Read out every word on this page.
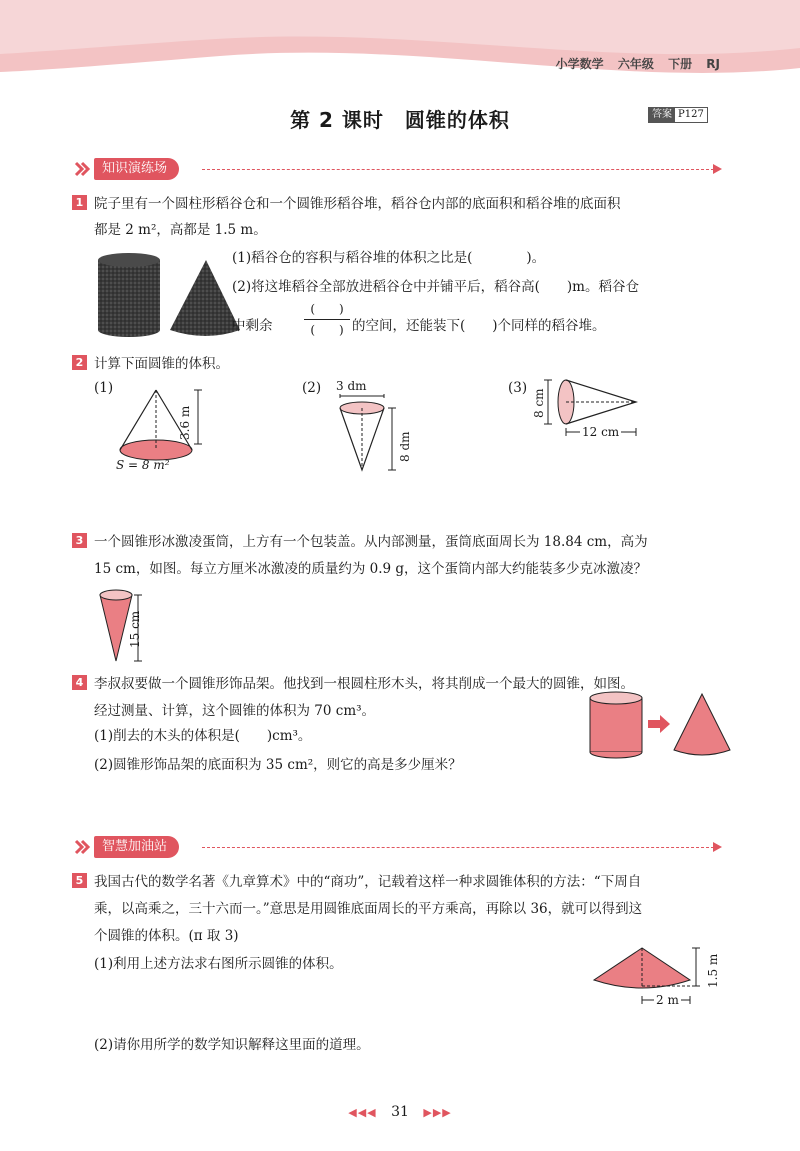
小学数学 六年级 下册 RJ
第 2 课时　圆锥的体积	答案 P127
知识演练场
1 院子里有一个圆柱形稻谷仓和一个圆锥形稻谷堆，稻谷仓内部的底面积和稻谷堆的底面积
都是 2 m²，高都是 1.5 m。
(1)稻谷仓的容积与稻谷堆的体积之比是(　　　　)。
(2)将这堆稻谷全部放进稻谷仓中并铺平后，稻谷高(　　)m。稻谷仓
中剩余
(　　)
(　　) 的空间，还能装下(　　)个同样的稻谷堆。
2 计算下面圆锥的体积。
(1)
3.6 m
S = 8 m²
(2) 3 dm
8 dm
(3)
8 cm
12 cm
3 一个圆锥形冰激凌蛋筒，上方有一个包装盖。从内部测量，蛋筒底面周长为 18.84 cm，高为
15 cm，如图。每立方厘米冰激凌的质量约为 0.9 g，这个蛋筒内部大约能装多少克冰激凌？
15 cm
4 李叔叔要做一个圆锥形饰品架。他找到一根圆柱形木头，将其削成一个最大的圆锥，如图。
经过测量、计算，这个圆锥的体积为 70 cm³。
(1)削去的木头的体积是(　　)cm³。
(2)圆锥形饰品架的底面积为 35 cm²，则它的高是多少厘米？
智慧加油站
5 我国古代的数学名著《九章算术》中的“商功”，记载着这样一种求圆锥体积的方法：“下周自
乘，以高乘之，三十六而一。”意思是用圆锥底面周长的平方乘高，再除以 36，就可以得到这
个圆锥的体积。(π 取 3)
(1)利用上述方法求右图所示圆锥的体积。
(2)请你用所学的数学知识解释这里面的道理。
1.5 m
2 m
◀◀◀ 31 ▶▶▶
